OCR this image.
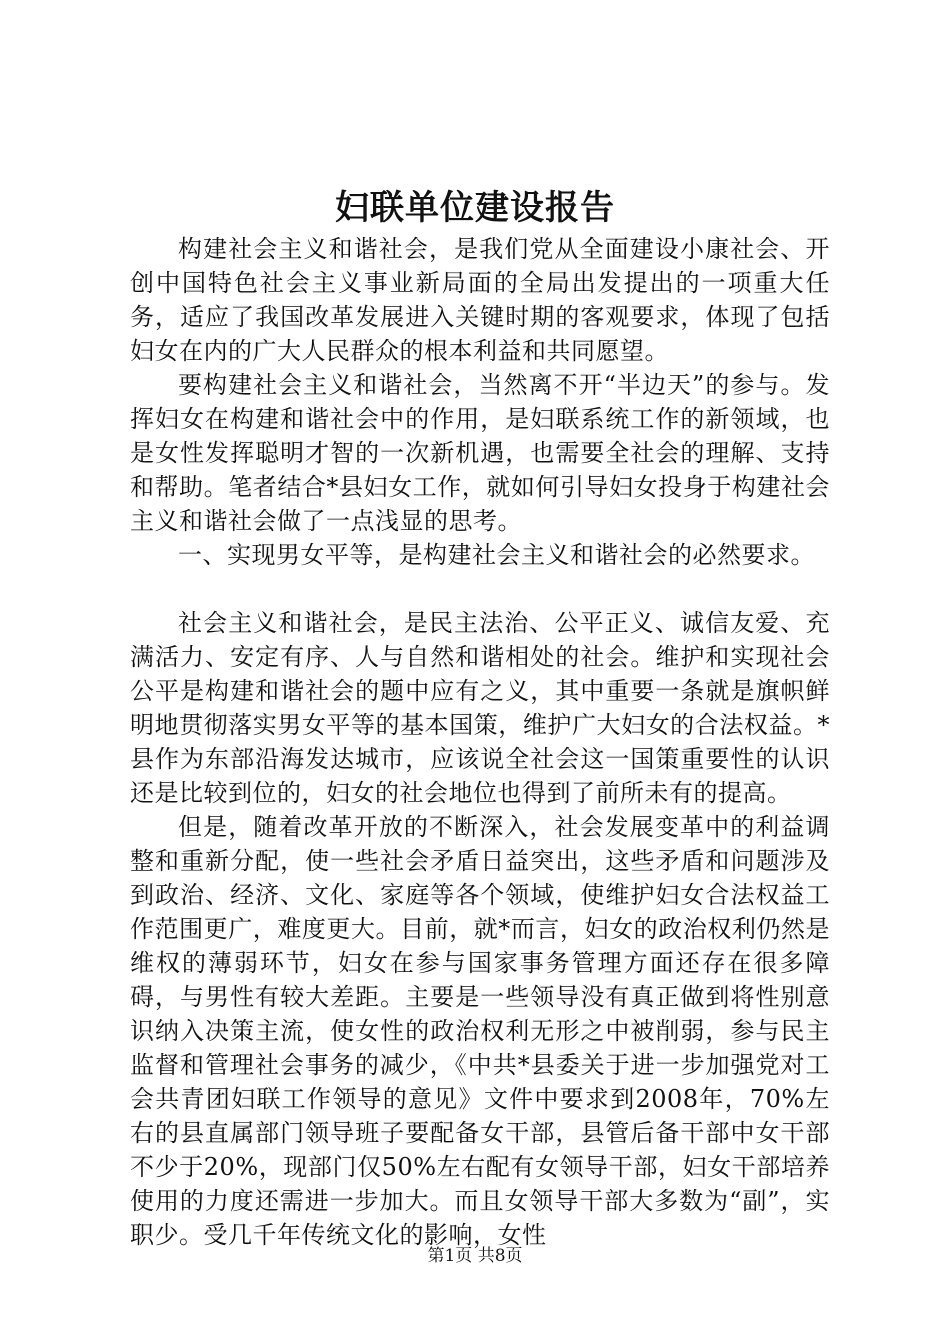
妇联单位建设报告

构建社会主义和谐社会，是我们党从全面建设小康社会、开创中国特色社会主义事业新局面的全局出发提出的一项重大任务，适应了我国改革发展进入关键时期的客观要求，体现了包括妇女在内的广大人民群众的根本利益和共同愿望。

要构建社会主义和谐社会，当然离不开“半边天”的参与。发挥妇女在构建和谐社会中的作用，是妇联系统工作的新领域，也是女性发挥聪明才智的一次新机遇，也需要全社会的理解、支持和帮助。笔者结合*县妇女工作，就如何引导妇女投身于构建社会主义和谐社会做了一点浅显的思考。

一、实现男女平等，是构建社会主义和谐社会的必然要求。

社会主义和谐社会，是民主法治、公平正义、诚信友爱、充满活力、安定有序、人与自然和谐相处的社会。维护和实现社会公平是构建和谐社会的题中应有之义，其中重要一条就是旗帜鲜明地贯彻落实男女平等的基本国策，维护广大妇女的合法权益。*县作为东部沿海发达城市，应该说全社会这一国策重要性的认识还是比较到位的，妇女的社会地位也得到了前所未有的提高。

但是，随着改革开放的不断深入，社会发展变革中的利益调整和重新分配，使一些社会矛盾日益突出，这些矛盾和问题涉及到政治、经济、文化、家庭等各个领域，使维护妇女合法权益工作范围更广，难度更大。目前，就*而言，妇女的政治权利仍然是维权的薄弱环节，妇女在参与国家事务管理方面还存在很多障碍，与男性有较大差距。主要是一些领导没有真正做到将性别意识纳入决策主流，使女性的政治权利无形之中被削弱，参与民主监督和管理社会事务的减少，《中共*县委关于进一步加强党对工会共青团妇联工作领导的意见》文件中要求到2008年，70%左右的县直属部门领导班子要配备女干部，县管后备干部中女干部不少于20%，现部门仅50%左右配有女领导干部，妇女干部培养使用的力度还需进一步加大。而且女领导干部大多数为“副”，实职少。受几千年传统文化的影响，女性

第1页 共8页
